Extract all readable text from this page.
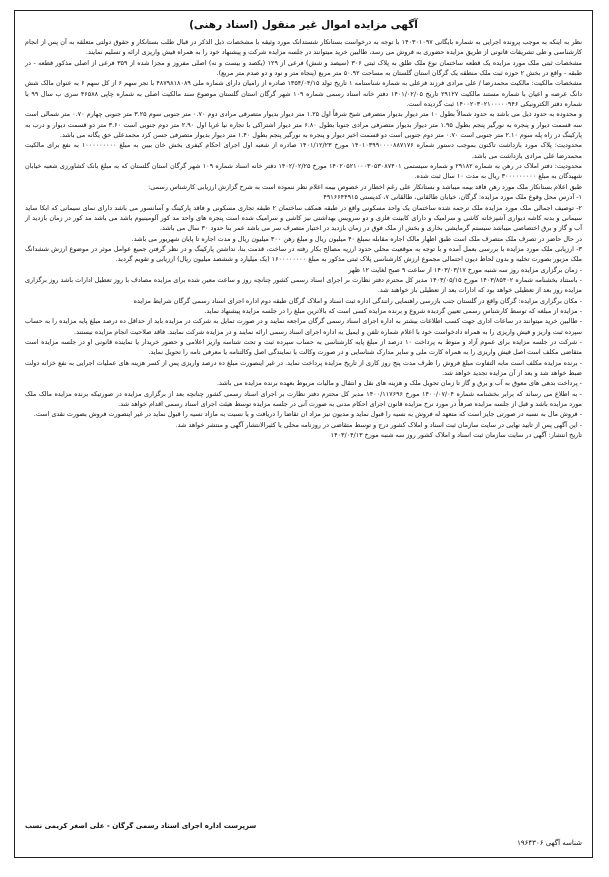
آگهی مزایده اموال غیر منقول (اسناد رهنی)

نظر به اینکه به موجب پرونده اجرایی به شماره بایگانی ۱۴۰۳۰۱۰۹۷ با توجه به درخواست بستانکار شستدانک مورد وثیقه با مشخصات ذیل الذکر در قبال طلب بستانکار و حقوق دولتی متعلقه به آن پس از انجام کارشناسی و طی تشریفات قانونی از طریق مزایده حضوری به فروش می رسد، طالبین خرید میتوانند در جلسه مزایده شرکت و پیشنهاد خود را به همراه فیش واریزی ارائه و تسلیم نمایند.

مشخصات ثبتی ملک مورد مزایده یک قطعه ساختمان نوع ملک طلق به پلاک ثبتی ۳۰۶ (سیصد و شش) فرعی از ۱۲۹ (یکصد و بیست و نه) اصلی مفروز و مجزا شده از ۳۵۹ فرعی از اصلی مذکور قطعه - در طبقه - واقع در بخش ۲ حوزه ثبت ملک منطقه یک گرگان استان گلستان به مساحت ۵۰.۹۲ متر مربع (پنجاه متر و نود و دو صدم متر مربع).

مشخصات مالکیت: مالکیت محمدرضا / علی مرادی فرزند فرعلی به شماره شناسنامه ۱ تاریخ تولد ۱۳۵۴/۰۴/۱۵ صادره از رامیان دارای شماره ملی ۴۸۷۹۸۱۸۰۸۹ با نجر سهم ۶ از کل سهم ۶ به عنوان مالک شش دانگ عرصه و اعیان با شماره مستند مالکیت ۲۹۱۲۷ تاریخ ۱۴۰۱/۰۲/۰۵ دفتر خانه اسناد رسمی شماره ۱۰۹ شهر گرگان استان گلستان موضوع سند مالکیت اصلی به شماره چاپی ۴۶۵۸۸ سری ب سال ۹۹ با شماره دفتر الکترونیکی ۱۴۰۰۲۰۳۰۲۱۰۰۰۰۰۹۴۶ ثبت گردیده است.

و محدوده به حدود ذیل می باشد به حدود شمالاً بطول ۱۰ متر دیوار بدیوار متصرفی شیخ شرقاً اول ۱.۲۵ متر دیوار بدیوار متصرفی مرادی دوم ۰.۷۰ متر جنوبی سوم ۳.۲۵ متر جنوبی چهارم ۰.۷۰ متر شمالی است سه قسمت دیوار و پنجره به نورگیر پنجم بطول ۱.۹۵ متر دیوار بدیوار متصرفی مرادی جنوبا بطول ۶.۸۰ متر دیوار اشتراکی با تجاره نیا غربا اول ۲.۹۰ متر دوم جنوبی است ۳.۶۰ متر دو قسمت دیوار و درب به پارکینگ در راه پله سوم ۲.۱۰ متر جنوبی است ۰.۷۰ متر دوم جنوبی است دو قسمت اخیر دیوار و پنجره به نورگیر پنجم بطول ۱.۴۰ متر دیوار بدیوار متصرفی حسن کرد محمدعلی حق یگانه می باشد.

محدودیت: پلاک مورد بازداشت تاکنون بموجب دستور شماره ۱۴۰۱۰۳۹۹۰۰۰۰۸۸۷۱۷۶ مورخ ۱۴۰۱/۱۲/۲۳ صادره از شعبه اول اجرای احکام کیفری بخش خان بیبن به مبلغ ۱۰۰۰۰۰۰۰۰۰ به نفع برای مالکیت محمدرضا علی مرادی بازداشت می باشد.

محدودیت: دفتر املاک در رهن به شماره ۲۹۱۸۲ و شماره سیستمی ۱۴۰۲۰۵۲۱۰۰۰۳۰۵۳۰۸۷۴۰۱ مورخ ۱۴۰۲/۰۲/۲۵ دفتر خانه اسناد شماره ۱۰۹ شهر گرگان استان گلستان که به مبلغ بانک کشاورزی شعبه خیابان شهیدگان به مبلغ ۳۰۰۰۰۰۰۰۰۰ ریال به مدت ۱۰ سال ثبت شده.

طبق اعلام بستانکار ملک مورد رهن فاقد بیمه میباشد و بستانکار علی رغم اخطار در خصوص بیمه اعلام نظر ننموده است به شرح گزارش ارزیابی کارشناس رسمی:

۱- آدرس محل وقوع ملک مورد مزایده: گرگان، خیابان طالقانی، طالقانی ۷، کدپستی ۴۹۱۶۶۴۴۹۱۵

۲- توصیف اجمالی ملک مورد مزایده ملک ترجمه شده ساختمان یک واحد مسکونی واقع در طبقه همکف ساختمان ۲ طبقه تجاری مسکونی و فاقد پارکینگ و آسانسور می باشد دارای نمای سیمانی که ابکا ساید سیمانی و بدنه کاشه دیواری آشپزخانه کاشی و سرامیک و دارای کابینت فلزی و دو سرویس بهداشتی نیز کاشی و سرامیک شده است پنجره های واحد مد کور آلومینیوم باشد می باشد مد کور در زمان بازدید از آب و گاز و برق اختصاصی میباشد سیستم گرمایشی بخاری و بخش از ملک فوق در زمان بازدید در اختیار متصرف سر می باشد عمر بنا حدود ۳۰ سال می باشد.

در حال حاضر در تصرف ملک متصرف ملک است طبق اظهار مالک اجاره مقابله بمبلغ ۴۰ میلیون ریال و مبلغ رهن ۳۰۰ میلیون ریال و مدت اجاره تا پایان شهریور می باشد.

۳- ارزیابی ملک مورد مزایده با بررسی بعمل آمده و با توجه به موقعیت محلی حدود ارزیه مصالح بکار رفته در ساخت، قدمت بنا، نداشتن پارکینگ و در نظر گرفتن جمیع عوامل موثر در موضوع ارزش ششدانگ ملک مزبور بصورت تخلیه و بدون لحاظ دیون احتمالی مجموع ارزش کارشناسی پلاک ثبتی مذکور به مبلغ ۱۶۰۰۰۰۰۰۰۰ (یک میلیارد و ششصد میلیون ریال) ارزیابی و تقویم گردید.

- زمان برگزاری مزایده روز سه شنبه مورخ ۱۴۰۳/۰۳/۱۷ از ساعت ۹ صبح لغایت ۱۲ ظهر

- باستناد بخشنامه شماره ۱۴۰۳/۸۵۴۰۲ مورخ ۱۴۰۳/۰۵/۱۵ مدیر کل محترم دفتر نظارت بر اجرای اسناد رسمی کشور چنانچه روز و ساعت معین شده برای مزایده مصادف با روز تعطیل ادارات باشد روز برگزاری مزایده روز بعد از تعطیلی خواهد بود که ادارات بعد از تعطیلی باز خواهند شد.

- مکان برگزاری مزایده: گرگان واقع در گلستان جنب بازرسی راهنمایی رانندگی اداره ثبت اسناد و املاک گرگان طبقه دوم اداره اجرای اسناد رسمی گرگان شرایط مزایده

- مزایده از مبلغه که توسط کارشناس رسمی تعیین گردیده شروع و برنده مزایده کسی است که بالاترین مبلغ را در جلسه مزایده پیشنهاد نماید.

- طالبین خرید میتوانند در ساعات اداری جهت کسب اطلاعات بیشتر به اداره اجرای اسناد رسمی گرگان مراجعه نمایند و در صورت تمایل به شرکت در مزایده باید از حداقل ده درصد مبلغ پایه مزایده را به حساب سپرده ثبت واریز و فیش واریزی را به همراه دادخواست خود با اعلام شماره تلفن و ایمیل به اداره اجرای اسناد رسمی ارائه نمایند و در مزایده شرکت نمایند. فاقد صلاحیت انجام مزایده نیستند.

- شرکت در جلسه مزایده برای عموم آزاد و منوط به پرداخت ۱۰ درصد از مبلغ پایه کارشناسی به حساب سپرده ثبت و تحت شناسه واریز اعلامی و حضور خریدار یا نماینده قانونی او در جلسه مزایده است متقاضی مکلف است اصل فیش واریزی را به همراه کارت ملی و سایر مدارک شناسایی و در صورت وکالت یا نمایندگی اصل وکالتنامه یا معرفی نامه را تحویل نماید.

- برنده مزایده مکلف است مابه التفاوت مبلغ فروش را ظرف مدت پنج روز کاری از تاریخ مزایده پرداخت نماید. در غیر اینصورت مبلغ ده درصد واریزی پس از کسر هزینه های عملیات اجرایی به نفع خزانه دولت ضبط خواهد شد و بعد از آن مزایده تجدید خواهد شد.

- پرداخت بدهی های معوق به آب و برق و گاز تا زمان تحویل ملک و هزینه های نقل و انتقال و مالیات مربوط بعهده برنده مزایده می باشد.

- به اطلاع می رساند که برابر بخشنامه شماره ۱۴۰۰/۰۷/۰۴ مورخ ۱۴۰۰/۱۱۷۶۹۶ مدیر کل محترم دفتر نظارت بر اجرای اسناد رسمی کشور چنانچه بعد از برگزاری مزایده در صورتیکه برنده مزایده مالک ملک مورد مزایده باشد و قبل از جلسه مزایده صرفاً در مورد نرخ مزایده قانون اجرای احکام مدنی به صورت آنی در جلسه مزایده توسط هیئت اجرای اسناد رسمی اقدام خواهد شد.

- فروش مال به نسبه در صورتی جایز است که متعهد له فروش به نسیه را قبول نماید و مدیون نیز مزاد ان تقاضا را دریافت و یا نسبت به مازاد نسیه را قبول نماید در غیر اینصورت فروش بصورت نقدی است.

- این آگهی پس از تایید نهایی در سایت سازمان ثبت اسناد و املاک کشور درج و توسط متقاضی در روزنامه محلی یا کثیرالانتشار آگهی و منتشر خواهد شد.

تاریخ انتشار: آگهی در سایت سازمان ثبت اسناد و املاک کشور روز سه شنبه مورخ ۱۴۰۳/۰۴/۱۳

سرپرست اداره اجرای اسناد رسمی گرگان - علی اصغر کریمی نسب
شناسه آگهی ۱۹۶۴۳۰۶
